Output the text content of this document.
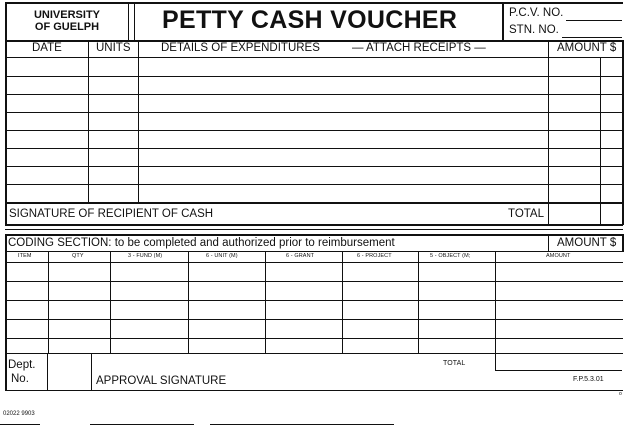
UNIVERSITY
OF GUELPH	PETTY CASH VOUCHER	P.C.V. NO.
STN. NO.
DATE	UNITS	DETAILS OF EXPENDITURES	— ATTACH RECEIPTS —	AMOUNT $
SIGNATURE OF RECIPIENT OF CASH	TOTAL
CODING SECTION: to be completed and authorized prior to reimbursement	AMOUNT $
ITEM	QTY	3 - FUND (M)	6 - UNIT (M)	6 - GRANT	6 - PROJECT	5 - OBJECT (M;	AMOUNT
TOTAL
Dept.
No.	APPROVAL SIGNATURE	F.P.5.3.01
o
02022 9903
